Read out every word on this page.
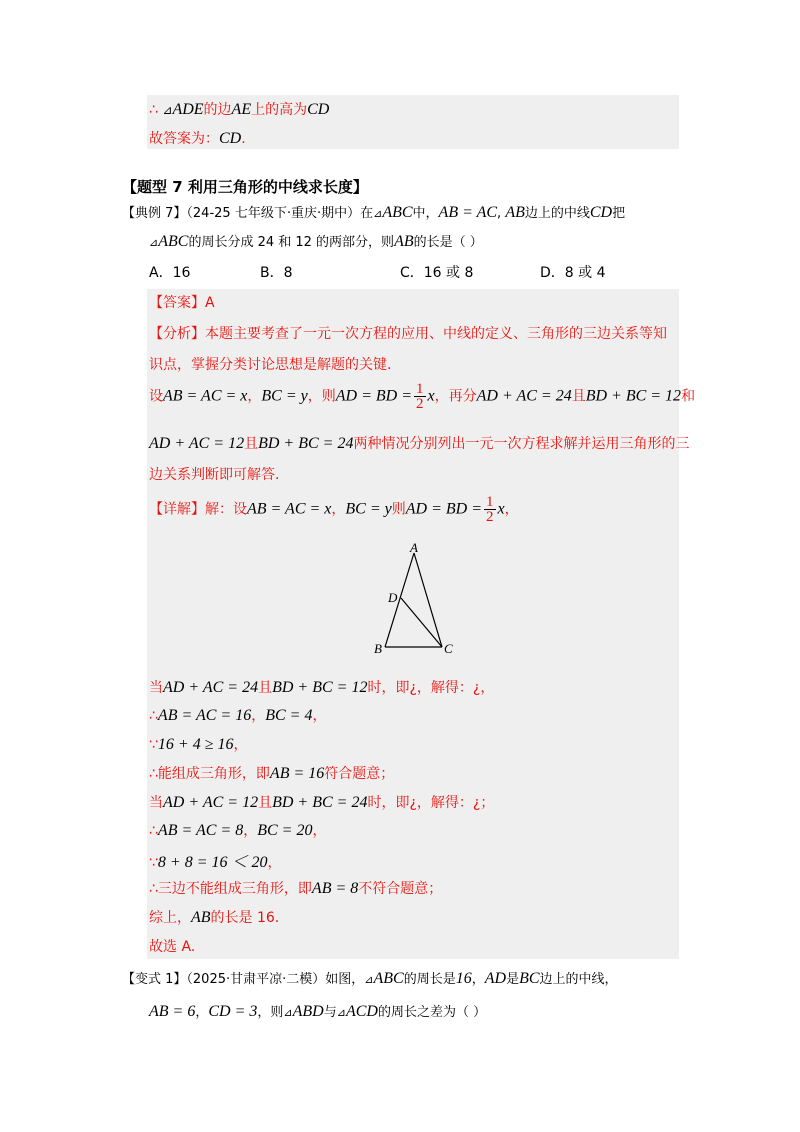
∴ ⊿ADE的边AE上的高为CD
故答案为：CD.
【题型 7 利用三角形的中线求长度】
【典例 7】（24-25 七年级下·重庆·期中）在⊿ABC中，AB = AC, AB边上的中线CD把
⊿ABC的周长分成 24 和 12 的两部分，则AB的长是（ ）
A．16	B．8	C．16 或 8	D．8 或 4
【答案】A
【分析】本题主要考查了一元一次方程的应用、中线的定义、三角形的三边关系等知
识点，掌握分类讨论思想是解题的关键.
设AB = AC = x，BC = y，则AD = BD = $\frac{1}{2}$ x，再分AD + AC = 24且BD + BC = 12和
AD + AC = 12且BD + BC = 24两种情况分别列出一元一次方程求解并运用三角形的三
边关系判断即可解答.
【详解】解：设AB = AC = x，BC = y则AD = BD = $\frac{1}{2}$ x，
A
D
B	C
当AD + AC = 24且BD + BC = 12时，即¿，解得：¿，
∴AB = AC = 16，BC = 4，
∵16 + 4 ≥ 16，
∴能组成三角形，即AB = 16符合题意；
当AD + AC = 12且BD + BC = 24时，即¿，解得：¿；
∴AB = AC = 8，BC = 20，
∵8 + 8 = 16 ＜ 20，
∴三边不能组成三角形，即AB = 8不符合题意；
综上，AB的长是 16.
故选 A.
【变式 1】（2025·甘肃平凉·二模）如图，⊿ABC的周长是16，AD是BC边上的中线，
AB = 6，CD = 3，则⊿ABD与⊿ACD的周长之差为（ ）
